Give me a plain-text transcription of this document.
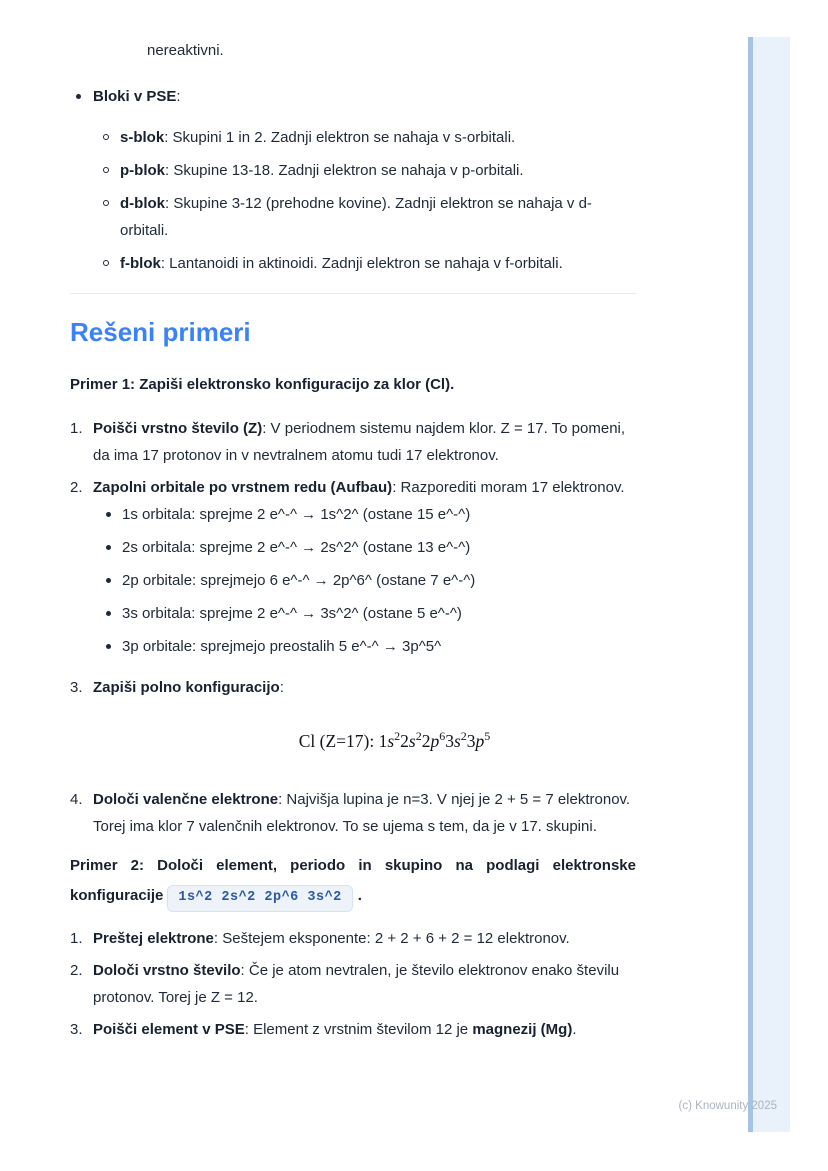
nereaktivni.

Bloki v PSE:

s-blok: Skupini 1 in 2. Zadnji elektron se nahaja v s-orbitali.

p-blok: Skupine 13-18. Zadnji elektron se nahaja v p-orbitali.

d-blok: Skupine 3-12 (prehodne kovine). Zadnji elektron se nahaja v d-orbitali.

f-blok: Lantanoidi in aktinoidi. Zadnji elektron se nahaja v f-orbitali.

Rešeni primeri

Primer 1: Zapiši elektronsko konfiguracijo za klor (Cl).

1. Poišči vrstno število (Z): V periodnem sistemu najdem klor. Z = 17. To pomeni, da ima 17 protonov in v nevtralnem atomu tudi 17 elektronov.

2. Zapolni orbitale po vrstnem redu (Aufbau): Razporediti moram 17 elektronov.

1s orbitala: sprejme 2 e^-^ → 1s^2^ (ostane 15 e^-^)

2s orbitala: sprejme 2 e^-^ → 2s^2^ (ostane 13 e^-^)

2p orbitale: sprejmejo 6 e^-^ → 2p^6^ (ostane 7 e^-^)

3s orbitala: sprejme 2 e^-^ → 3s^2^ (ostane 5 e^-^)

3p orbitale: sprejmejo preostalih 5 e^-^ → 3p^5^

3. Zapiši polno konfiguracijo:

Cl (Z=17): $1s^22s^22p^63s^23p^5$

4. Določi valenčne elektrone: Najvišja lupina je n=3. V njej je 2 + 5 = 7 elektronov. Torej ima klor 7 valenčnih elektronov. To se ujema s tem, da je v 17. skupini.

Primer 2: Določi element, periodo in skupino na podlagi elektronske konfiguracije 1s^2 2s^2 2p^6 3s^2 .

1. Preštej elektrone: Seštejem eksponente: 2 + 2 + 6 + 2 = 12 elektronov.

2. Določi vrstno število: Če je atom nevtralen, je število elektronov enako številu protonov. Torej je Z = 12.

3. Poišči element v PSE: Element z vrstnim številom 12 je magnezij (Mg).

(c) Knowunity 2025
